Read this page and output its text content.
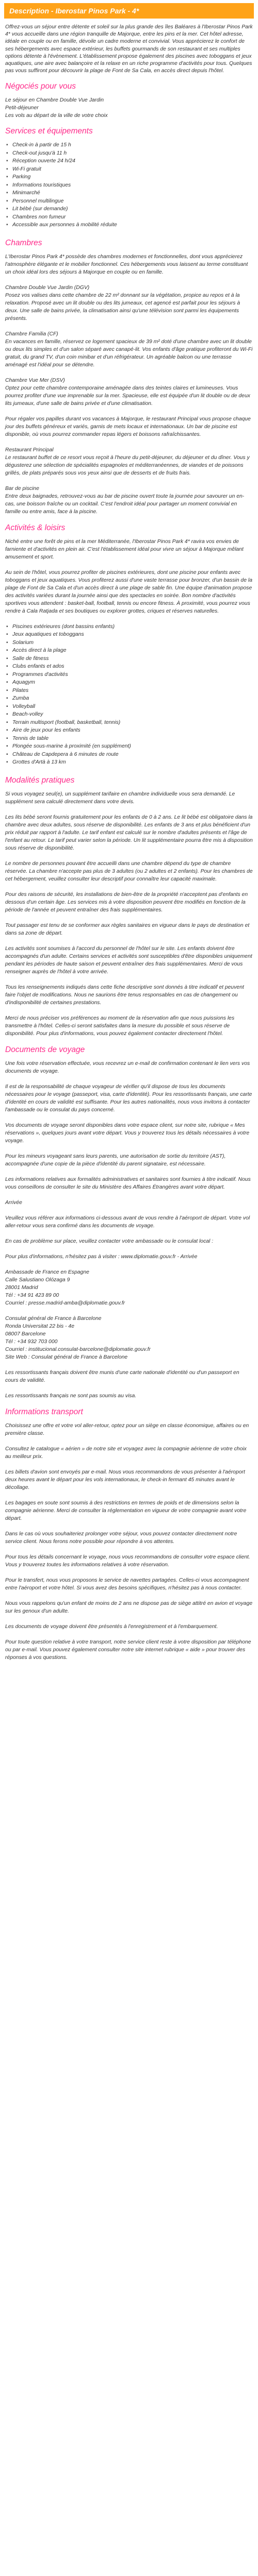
Description - Iberostar Pinos Park - 4*

Offrez-vous un séjour entre détente et soleil sur la plus grande des îles Baléares à l'Iberostar Pinos Park 4* vous accueille dans une région tranquille de Majorque, entre les pins et la mer. Cet hôtel adresse, idéale en couple ou en famille, dévoile un cadre moderne et convivial. Vous apprécierez le confort de ses hébergements avec espace extérieur, les buffets gourmands de son restaurant et ses multiples options détente à l'évènement. L'établissement propose également des piscines avec toboggans et jeux aquatiques, une aire avec balançoire et la relaxe en un riche programme d'activités pour tous. Quelques pas vous suffiront pour découvrir la plage de Font de Sa Cala, en accès direct depuis l'hôtel.

Négociés pour vous
Le séjour en Chambre Double Vue Jardin
Petit-déjeuner
Les vols au départ de la ville de votre choix
Services et équipements
▪ Check-in à partir de 15 h
▪ Check-out jusqu'à 11 h
▪ Réception ouverte 24 h/24
▪ Wi-Fi gratuit
▪ Parking
▪ Informations touristiques
▪ Minimarché
▪ Personnel multilingue
▪ Lit bébé (sur demande)
▪ Chambres non fumeur
▪ Accessible aux personnes à mobilité réduite
Chambres
L'Iberostar Pinos Park 4* possède des chambres modernes et fonctionnelles, dont vous apprécierez l'atmosphère élégante et le mobilier fonctionnel. Ces hébergements vous laissent au terme constituant un choix idéal lors des séjours à Majorque en couple ou en famille.
Chambre Double Vue Jardin (DGV)
Posez vos valises dans cette chambre de 22 m² donnant sur la végétation, propice au repos et à la relaxation. Proposé avec un lit double ou des lits jumeaux, cet agencé est parfait pour les séjours à deux. Une salle de bains privée, la climatisation ainsi qu'une télévision sont parmi les équipements présents.
Chambre Familia (CF)
En vacances en famille, réservez ce logement spacieux de 39 m² doté d'une chambre avec un lit double ou deux lits simples et d'un salon séparé avec canapé-lit. Vos enfants d'âge pratique profiteront du Wi-Fi gratuit, du grand TV, d'un coin minibar et d'un réfrigérateur. Un agréable balcon ou une terrasse aménagé est l'idéal pour se détendre.
Chambre Vue Mer (DSV)
Optez pour cette chambre contemporaine aménagée dans des teintes claires et lumineuses. Vous pourrez profiter d'une vue imprenable sur la mer. Spacieuse, elle est équipée d'un lit double ou de deux lits jumeaux, d'une salle de bains privée et d'une climatisation.

Pour régaler vos papilles durant vos vacances à Majorque, le restaurant Principal vous propose chaque jour des buffets généreux et variés, garnis de mets locaux et internationaux. Un bar de piscine est disponible, où vous pourrez commander repas légers et boissons rafraîchissantes.

Restaurant Principal

Le restaurant buffet de ce resort vous reçoit à l'heure du petit-déjeuner, du déjeuner et du dîner. Vous y dégusterez une sélection de spécialités espagnoles et méditerranéennes, de viandes et de poissons grillés, de plats préparés sous vos yeux ainsi que de desserts et de fruits frais.

Bar de piscine

Entre deux baignades, retrouvez-vous au bar de piscine ouvert toute la journée pour savourer un en-cas, une boisson fraîche ou un cocktail. C'est l'endroit idéal pour partager un moment convivial en famille ou entre amis, face à la piscine.

Activités & loisirs

Niché entre une forêt de pins et la mer Méditerranée, l'Iberostar Pinos Park 4* ravira vos envies de farniente et d'activités en plein air. C'est l'établissement idéal pour vivre un séjour à Majorque mêlant amusement et sport.

Au sein de l'hôtel, vous pourrez profiter de piscines extérieures, dont une piscine pour enfants avec toboggans et jeux aquatiques. Vous profiterez aussi d'une vaste terrasse pour bronzer, d'un bassin de la plage de Font de Sa Cala et d'un accès direct à une plage de sable fin. Une équipe d'animation propose des activités variées durant la journée ainsi que des spectacles en soirée. Bon nombre d'activités sportives vous attendent : basket-ball, football, tennis ou encore fitness. À proximité, vous pourrez vous rendre à Cala Ratjada et ses boutiques ou explorer grottes, criques et réserves naturelles.

▪ Piscines extérieures (dont bassins enfants)
▪ Jeux aquatiques et toboggans
▪ Solarium
▪ Accès direct à la plage
▪ Salle de fitness
▪ Clubs enfants et ados
▪ Programmes d'activités
▪ Aquagym
▪ Pilates
▪ Zumba
▪ Volleyball
▪ Beach-volley
▪ Terrain multisport (football, basketball, tennis)
▪ Aire de jeux pour les enfants
▪ Tennis de table
▪ Plongée sous-marine à proximité (en supplément)
▪ Château de Capdepera à 6 minutes de route
▪ Grottes d'Artà à 13 km
Modalités pratiques

Si vous voyagez seul(e), un supplément tarifaire en chambre individuelle vous sera demandé. Le supplément sera calculé directement dans votre devis.

Les lits bébé seront fournis gratuitement pour les enfants de 0 à 2 ans. Le lit bébé est obligatoire dans la chambre avec deux adultes, sous réserve de disponibilité. Les enfants de 3 ans et plus bénéficient d'un prix réduit par rapport à l'adulte. Le tarif enfant est calculé sur le nombre d'adultes présents et l'âge de l'enfant au retour. Le tarif peut varier selon la période. Un lit supplémentaire pourra être mis à disposition sous réserve de disponibilité.

Le nombre de personnes pouvant être accueilli dans une chambre dépend du type de chambre réservée. La chambre n'accepte pas plus de 3 adultes (ou 2 adultes et 2 enfants). Pour les chambres de cet hébergement, veuillez consulter leur descriptif pour connaître leur capacité maximale.

Pour des raisons de sécurité, les installations de bien-être de la propriété n'acceptent pas d'enfants en dessous d'un certain âge. Les services mis à votre disposition peuvent être modifiés en fonction de la période de l'année et peuvent entraîner des frais supplémentaires.

Tout passager est tenu de se conformer aux règles sanitaires en vigueur dans le pays de destination et dans sa zone de départ.

Les activités sont soumises à l'accord du personnel de l'hôtel sur le site. Les enfants doivent être accompagnés d'un adulte. Certains services et activités sont susceptibles d'être disponibles uniquement pendant les périodes de haute saison et peuvent entraîner des frais supplémentaires. Merci de vous renseigner auprès de l'hôtel à votre arrivée.

Tous les renseignements indiqués dans cette fiche descriptive sont donnés à titre indicatif et peuvent faire l'objet de modifications. Nous ne saurions être tenus responsables en cas de changement ou d'indisponibilité de certaines prestations.

Merci de nous préciser vos préférences au moment de la réservation afin que nous puissions les transmettre à l'hôtel. Celles-ci seront satisfaites dans la mesure du possible et sous réserve de disponibilité. Pour plus d'informations, vous pouvez également contacter directement l'hôtel.

Documents de voyage

Une fois votre réservation effectuée, vous recevrez un e-mail de confirmation contenant le lien vers vos documents de voyage.

Il est de la responsabilité de chaque voyageur de vérifier qu'il dispose de tous les documents nécessaires pour le voyage (passeport, visa, carte d'identité). Pour les ressortissants français, une carte d'identité en cours de validité est suffisante. Pour les autres nationalités, nous vous invitons à contacter l'ambassade ou le consulat du pays concerné.

Vos documents de voyage seront disponibles dans votre espace client, sur notre site, rubrique « Mes réservations », quelques jours avant votre départ. Vous y trouverez tous les détails nécessaires à votre voyage.

Pour les mineurs voyageant sans leurs parents, une autorisation de sortie du territoire (AST), accompagnée d'une copie de la pièce d'identité du parent signataire, est nécessaire.

Les informations relatives aux formalités administratives et sanitaires sont fournies à titre indicatif. Nous vous conseillons de consulter le site du Ministère des Affaires Étrangères avant votre départ.

Arrivée

Veuillez vous référer aux informations ci-dessous avant de vous rendre à l'aéroport de départ. Votre vol aller-retour vous sera confirmé dans les documents de voyage.

En cas de problème sur place, veuillez contacter votre ambassade ou le consulat local :

Pour plus d'informations, n'hésitez pas à visiter : www.diplomatie.gouv.fr - Arrivée

Ambassade de France en Espagne
Calle Salustiano Olózaga 9
28001 Madrid
Tél : +34 91 423 89 00
Courriel : presse.madrid-amba@diplomatie.gouv.fr
Consulat général de France à Barcelone
Ronda Universitat 22 bis - 4e
08007 Barcelone
Tél : +34 932 703 000
Courriel : institucional.consulat-barcelone@diplomatie.gouv.fr
Site Web : Consulat général de France à Barcelone

Les ressortissants français doivent être munis d'une carte nationale d'identité ou d'un passeport en cours de validité.

Les ressortissants français ne sont pas soumis au visa.

Informations transport

Choisissez une offre et votre vol aller-retour, optez pour un siège en classe économique, affaires ou en première classe.

Consultez le catalogue « aérien » de notre site et voyagez avec la compagnie aérienne de votre choix au meilleur prix.

Les billets d'avion sont envoyés par e-mail. Nous vous recommandons de vous présenter à l'aéroport deux heures avant le départ pour les vols internationaux, le check-in fermant 45 minutes avant le décollage.

Les bagages en soute sont soumis à des restrictions en termes de poids et de dimensions selon la compagnie aérienne. Merci de consulter la réglementation en vigueur de votre compagnie avant votre départ.

Dans le cas où vous souhaiteriez prolonger votre séjour, vous pouvez contacter directement notre service client. Nous ferons notre possible pour répondre à vos attentes.

Pour tous les détails concernant le voyage, nous vous recommandons de consulter votre espace client. Vous y trouverez toutes les informations relatives à votre réservation.

Pour le transfert, nous vous proposons le service de navettes partagées. Celles-ci vous accompagnent entre l'aéroport et votre hôtel. Si vous avez des besoins spécifiques, n'hésitez pas à nous contacter.

Nous vous rappelons qu'un enfant de moins de 2 ans ne dispose pas de siège attitré en avion et voyage sur les genoux d'un adulte.

Les documents de voyage doivent être présentés à l'enregistrement et à l'embarquement.

Pour toute question relative à votre transport, notre service client reste à votre disposition par téléphone ou par e-mail. Vous pouvez également consulter notre site internet rubrique « aide » pour trouver des réponses à vos questions.
